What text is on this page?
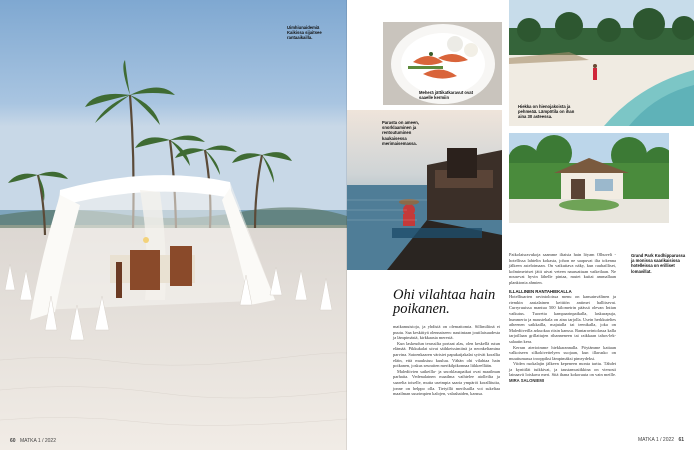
Uimhiunaidemiä Kaikissa sijaitsee rantaaikailla.
60 MATKA 1 / 2022
Meherä jättikatkaravut ovat saaelle kermiin
Hiekka on hienojakoista ja pehmeää. Lämpötila on ihan aina 30 asteessa.
Parasta on ameen, snorklaaminen ja rentoutuminen kaukaisessa merimaisemassa.
Grand Park Kodhipparussa ja monissa saarikaisissa hotelleissa on erilliset lomavillat.
Ohi vilahtaa hain poikanen.

matkamuistoja, ja yhdistä on olemattomia. Sillimiliinä ei puutu. Saa keskittyä olennaiseen: nautintaan joutilaisuudesta ja lämpimästä, kirkkaasta merestä.

Kun laskeudun terassilta portaat alas, olen keskellä rutun elämää. Pikkukalat uivat säihkeissimiinä ja neonkeltamina parvina. Satoenkaaren värisiet papukaijakalat syövät korallia eläin, että muuksiuu kuuluu. Vähän ohi vilahtaa hain poikanen, joskus seuraiten merikilpikonnaa liikkeellään.

Malediivien saikeilla- ja snorklauspaikat ovat maailman parhaita. Vedenalainen maailma vaihtelee atolleilta ja saarelta toiselle, mutta useimpia saaria ympäröi korallitutta, jonne on helppo olla. Tietyillä merilsailla voi sukeltaa maailman suurimpien kalojen, valashaiden, kanssa.

Paikolaisravukoja saamme iltaisia hain löyam Olhuveli -hotellissa lahtelin kokasta, johon ne saapuvat ilta tokenna jälkeen asteloimaan. On vaikuttava näky, kun raubailliset, kolmimetriset jätit uivat veteen nauruattuan vaikeilaan. Ne nousevat hyvin lähelle pintaa, mutet kuitai ammallaan planktonia ahmien.

ILLALLINEN RANTAHIEKALLA

Hotelliuarten ravintoloissa menu on kansainvälinen ja riemkin aasialainen keittiön antimet hallitsevat. Curryruuissa mantua 500 kilometrin päässä olevan Intian vaikutus. Tuoretta kampaarinpaikalla, laskurapuja, hummeria ja maustekala on aina tarjolla. Usein herkkuteltes aiheenen saikkailla, majatalla tai teenikalla, joka on Malediiveilla arkuokaa riisin kanssa. Rantaravintolassa kalla tarjoillaan grillattujen rihanneneen tai raikkaan tahos-lek-salaatin kera.

Kerran aterioimme hiekkarannalla. Pöytämme kattaan valkoiseen silkokivettelyen suojaan, kun illarusko on muuttumassa trooppiksi lämpimäksi pimeydeksi.

Viiden ruokalajin jälkeen kepeneen monta tarttu. Tähdet ja kynttilät tuikkivat, ja taustamusiikkina on vienosti lainaavit loiskava meri. Sitä ihana kokoruuta on vain meille. MIRA SALONIEMI

MATKA 1 / 2022 61
